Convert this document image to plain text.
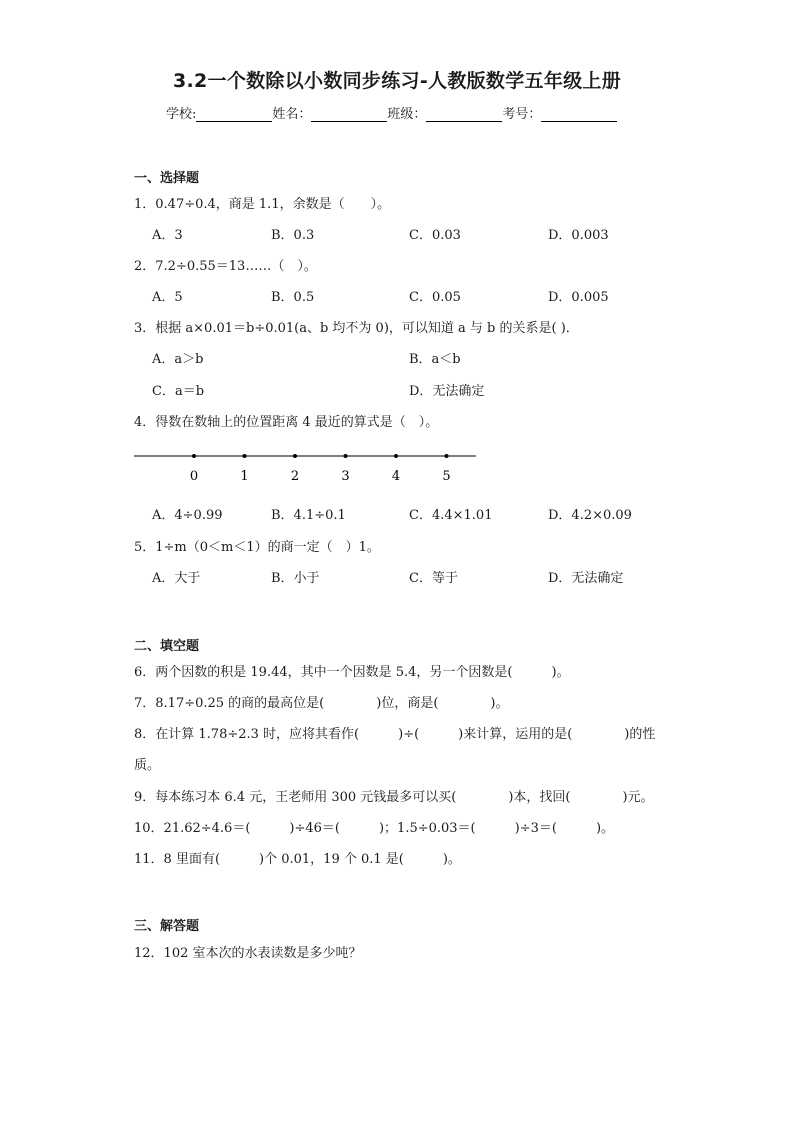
3.2一个数除以小数同步练习-人教版数学五年级上册
学校:	姓名：	班级：	考号：
一、选择题
1．0.47÷0.4，商是 1.1，余数是（　　）。
A．3	B．0.3	C．0.03	D．0.003
2．7.2÷0.55＝13……（　）。
A．5	B．0.5	C．0.05	D．0.005
3．根据 a×0.01＝b÷0.01(a、b 均不为 0)，可以知道 a 与 b 的关系是( )．
A．a＞b	B．a＜b
C．a＝b	D．无法确定
4．得数在数轴上的位置距离 4 最近的算式是（　）。
0	1	2	3	4	5
A．4÷0.99	B．4.1÷0.1	C．4.4×1.01	D．4.2×0.09
5．1÷m（0＜m＜1）的商一定（　）1。
A．大于	B．小于	C．等于	D．无法确定
二、填空题
6．两个因数的积是 19.44，其中一个因数是 5.4，另一个因数是(　　　)。
7．8.17÷0.25 的商的最高位是(　　　　)位，商是(　　　　)。
8．在计算 1.78÷2.3 时，应将其看作(　　　)÷(　　　)来计算，运用的是(　　　　)的性
质。
9．每本练习本 6.4 元，王老师用 300 元钱最多可以买(　　　　)本，找回(　　　　)元。
10．21.62÷4.6＝(　　　)÷46＝(　　　)；1.5÷0.03＝(　　　)÷3＝(　　　)。
11．8 里面有(　　　)个 0.01，19 个 0.1 是(　　　)。
三、解答题
12．102 室本次的水表读数是多少吨？
